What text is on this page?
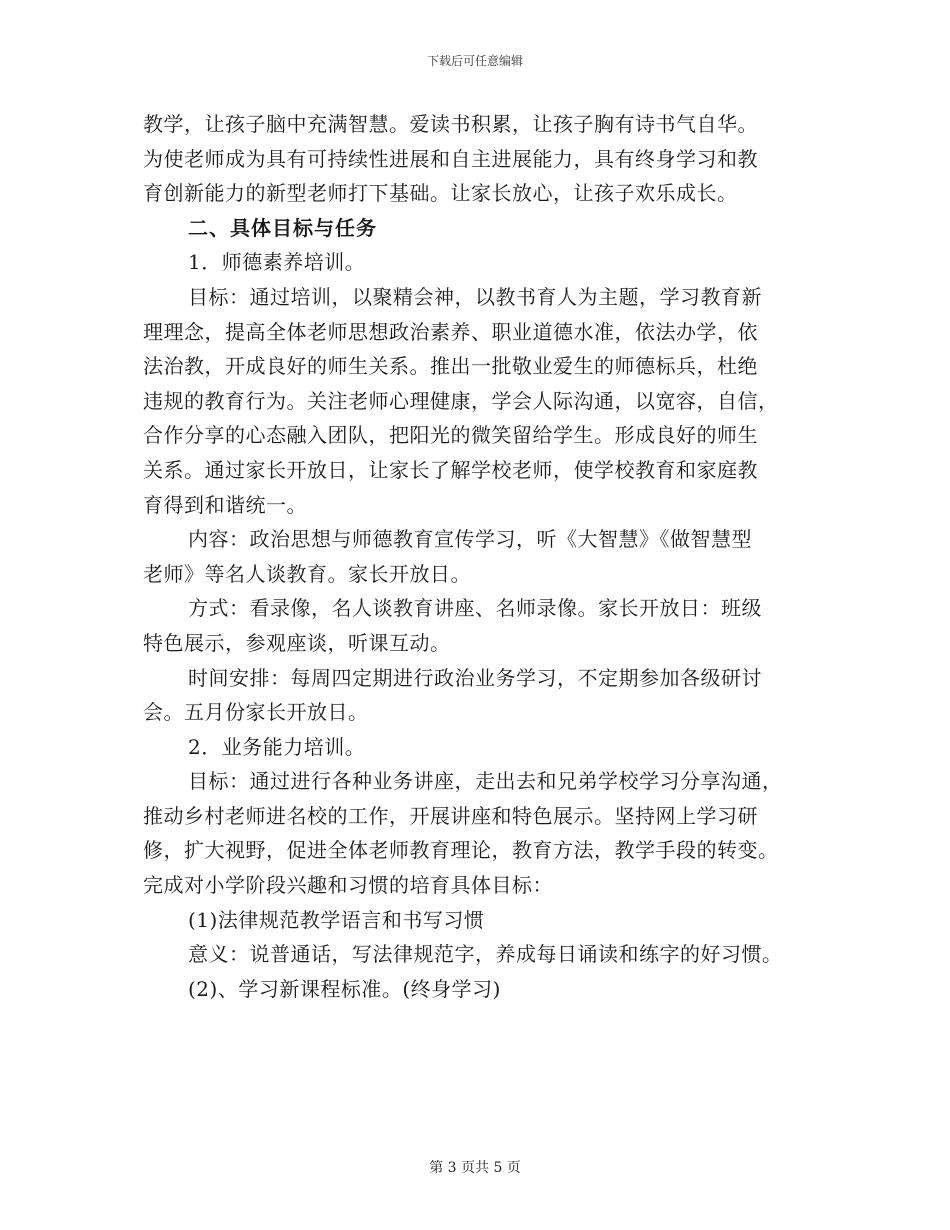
下载后可任意编辑
教学，让孩子脑中充满智慧。爱读书积累，让孩子胸有诗书气自华。
为使老师成为具有可持续性进展和自主进展能力，具有终身学习和教
育创新能力的新型老师打下基础。让家长放心，让孩子欢乐成长。
二、具体目标与任务
1．师德素养培训。
目标：通过培训，以聚精会神，以教书育人为主题，学习教育新
理理念，提高全体老师思想政治素养、职业道德水准，依法办学，依
法治教，开成良好的师生关系。推出一批敬业爱生的师德标兵，杜绝
违规的教育行为。关注老师心理健康，学会人际沟通，以宽容，自信，
合作分享的心态融入团队，把阳光的微笑留给学生。形成良好的师生
关系。通过家长开放日，让家长了解学校老师，使学校教育和家庭教
育得到和谐统一。
内容：政治思想与师德教育宣传学习，听《大智慧》《做智慧型
老师》等名人谈教育。家长开放日。
方式：看录像，名人谈教育讲座、名师录像。家长开放日：班级
特色展示，参观座谈，听课互动。
时间安排：每周四定期进行政治业务学习，不定期参加各级研讨
会。五月份家长开放日。
2．业务能力培训。
目标：通过进行各种业务讲座，走出去和兄弟学校学习分享沟通，
推动乡村老师进名校的工作，开展讲座和特色展示。坚持网上学习研
修，扩大视野，促进全体老师教育理论，教育方法，教学手段的转变。
完成对小学阶段兴趣和习惯的培育具体目标：
(1)法律规范教学语言和书写习惯
意义：说普通话，写法律规范字，养成每日诵读和练字的好习惯。
(2)、学习新课程标准。(终身学习)
第 3 页共 5 页
